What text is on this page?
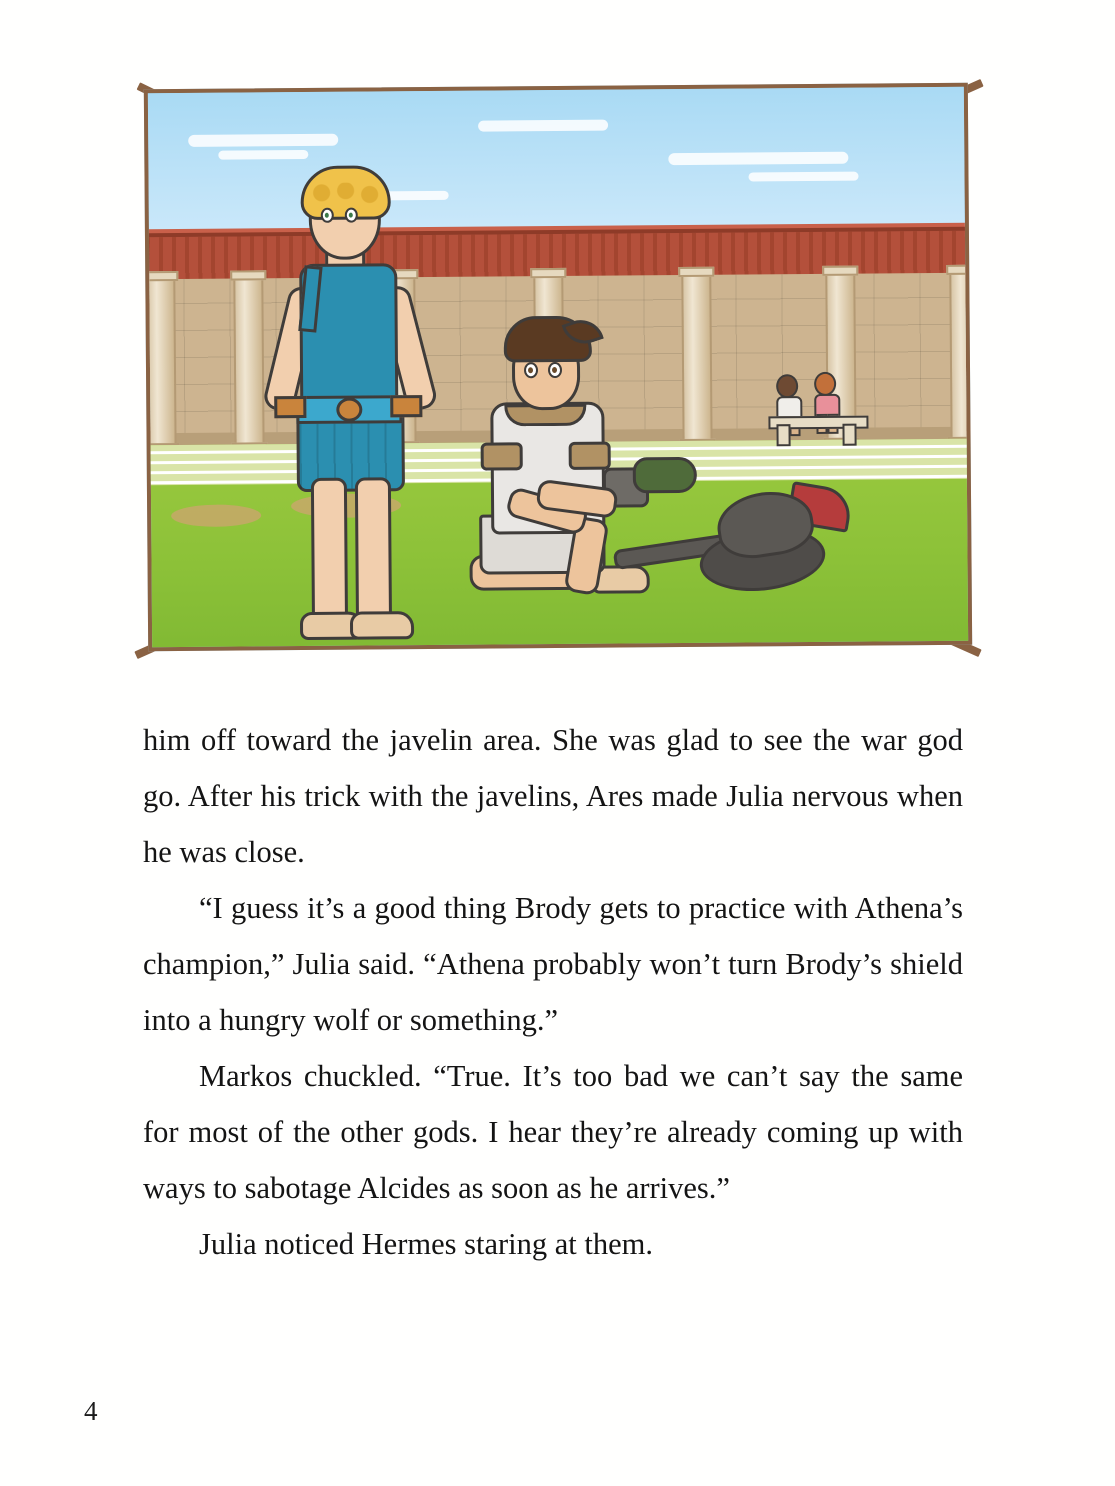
him off toward the javelin area. She was glad to see the war god go. After his trick with the javelins, Ares made Julia nervous when he was close.

“I guess it’s a good thing Brody gets to practice with Athena’s champion,” Julia said. “Athena probably won’t turn Brody’s shield into a hungry wolf or something.”

Markos chuckled. “True. It’s too bad we can’t say the same for most of the other gods. I hear they’re already coming up with ways to sabotage Alcides as soon as he arrives.”

Julia noticed Hermes staring at them.

4
